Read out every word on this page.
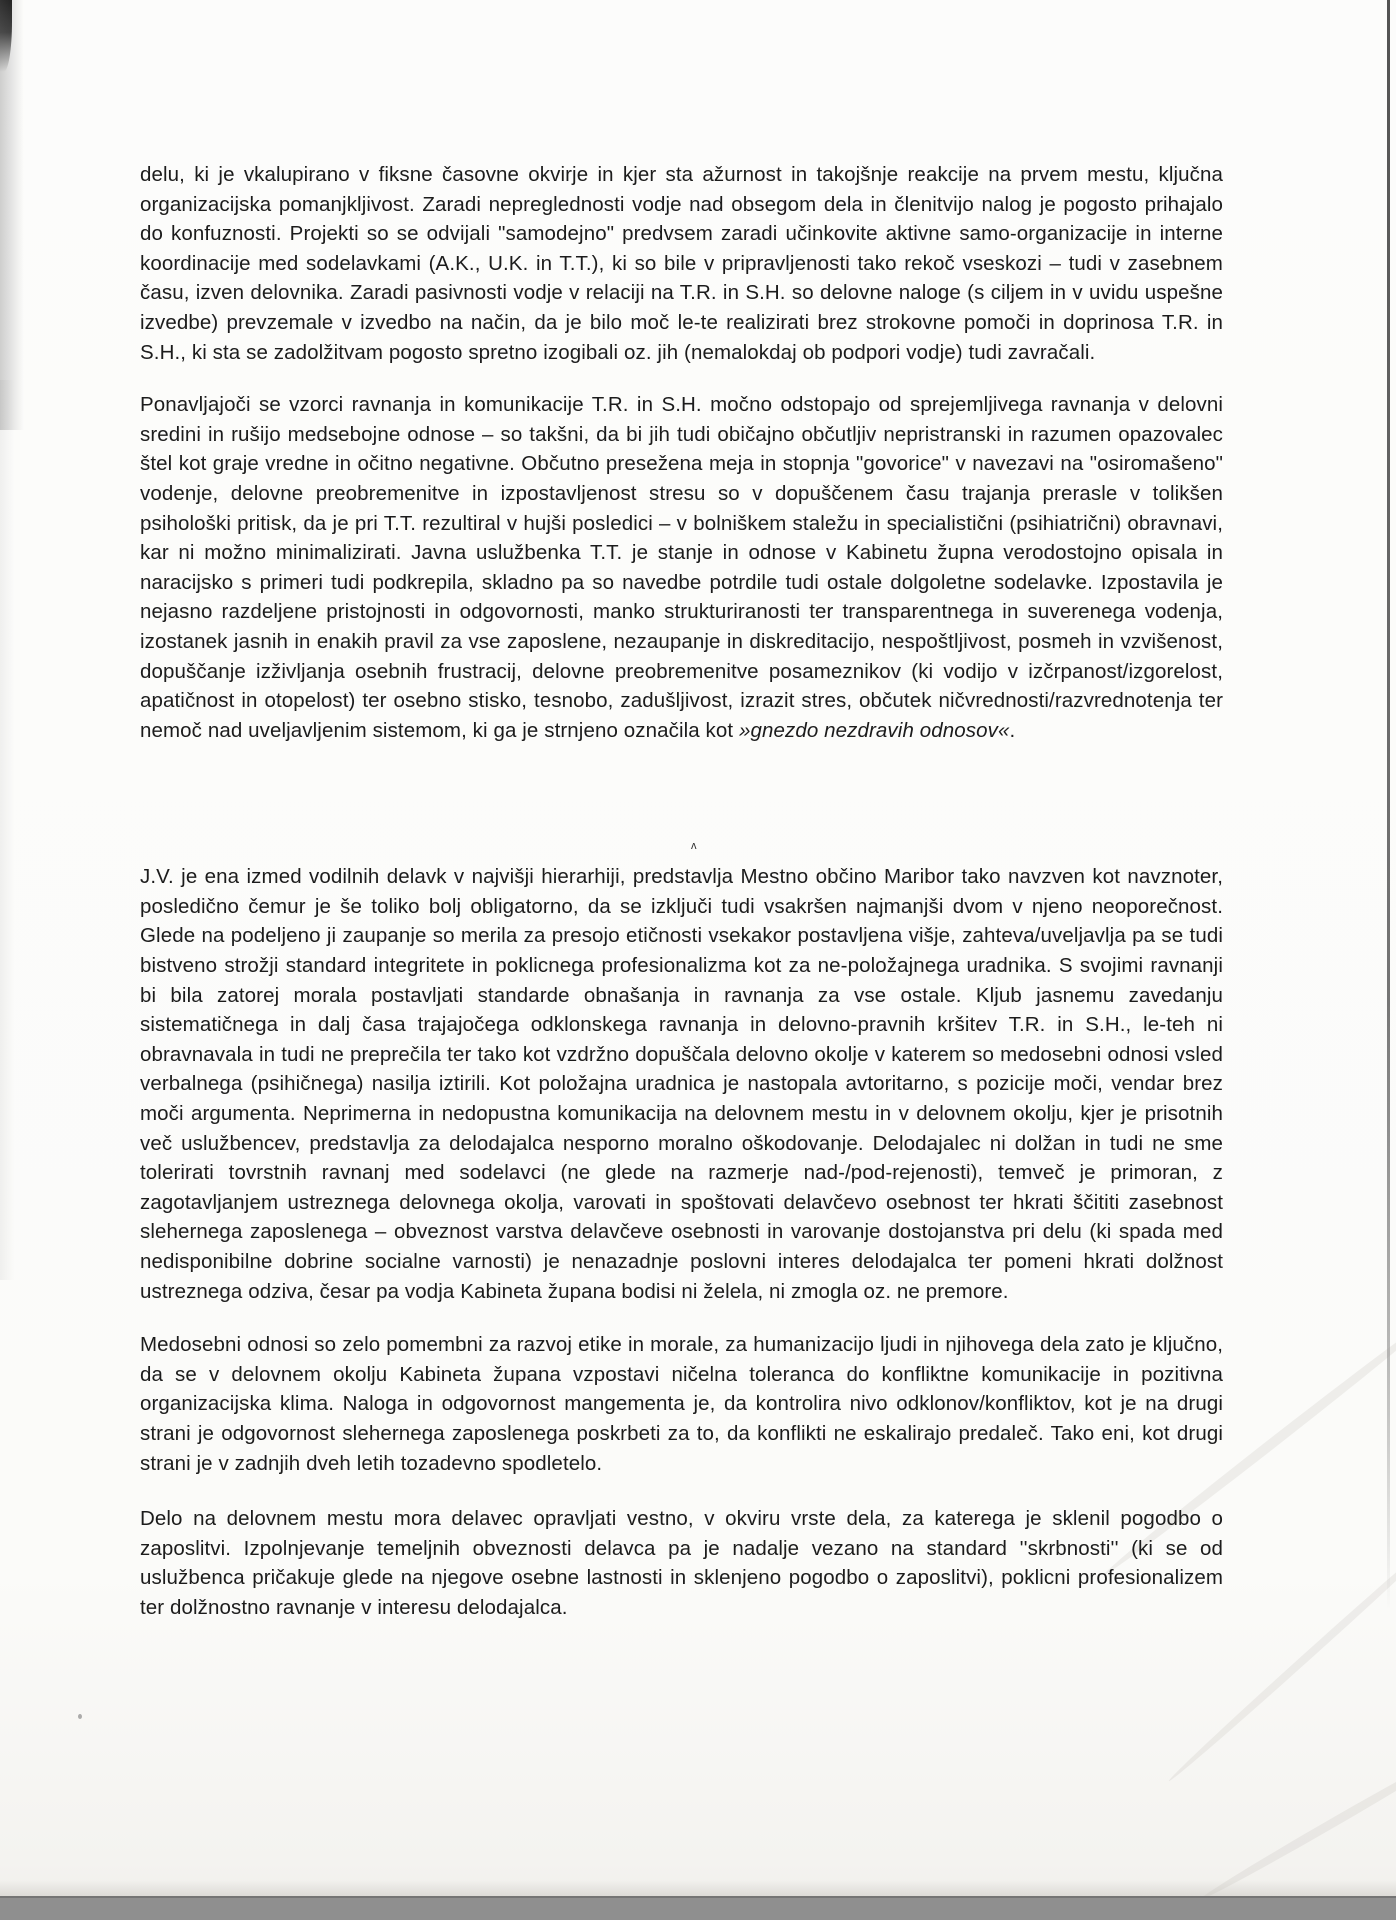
ʌ

delu, ki je vkalupirano v fiksne časovne okvirje in kjer sta ažurnost in takojšnje reakcije na prvem mestu, ključna organizacijska pomanjkljivost. Zaradi nepreglednosti vodje nad obsegom dela in členitvijo nalog je pogosto prihajalo do konfuznosti. Projekti so se odvijali "samodejno" predvsem zaradi učinkovite aktivne samo-organizacije in interne koordinacije med sodelavkami (A.K., U.K. in T.T.), ki so bile v pripravljenosti tako rekoč vseskozi – tudi v zasebnem času, izven delovnika. Zaradi pasivnosti vodje v relaciji na T.R. in S.H. so delovne naloge (s ciljem in v uvidu uspešne izvedbe) prevzemale v izvedbo na način, da je bilo moč le-te realizirati brez strokovne pomoči in doprinosa T.R. in S.H., ki sta se zadolžitvam pogosto spretno izogibali oz. jih (nemalokdaj ob podpori vodje) tudi zavračali.

Ponavljajoči se vzorci ravnanja in komunikacije T.R. in S.H. močno odstopajo od sprejemljivega ravnanja v delovni sredini in rušijo medsebojne odnose – so takšni, da bi jih tudi običajno občutljiv nepristranski in razumen opazovalec štel kot graje vredne in očitno negativne. Občutno presežena meja in stopnja "govorice" v navezavi na "osiromašeno" vodenje, delovne preobremenitve in izpostavljenost stresu so v dopuščenem času trajanja prerasle v tolikšen psihološki pritisk, da je pri T.T. rezultiral v hujši posledici – v bolniškem staležu in specialistični (psihiatrični) obravnavi, kar ni možno minimalizirati. Javna uslužbenka T.T. je stanje in odnose v Kabinetu župna verodostojno opisala in naracijsko s primeri tudi podkrepila, skladno pa so navedbe potrdile tudi ostale dolgoletne sodelavke. Izpostavila je nejasno razdeljene pristojnosti in odgovornosti, manko strukturiranosti ter transparentnega in suverenega vodenja, izostanek jasnih in enakih pravil za vse zaposlene, nezaupanje in diskreditacijo, nespoštljivost, posmeh in vzvišenost, dopuščanje izživljanja osebnih frustracij, delovne preobremenitve posameznikov (ki vodijo v izčrpanost/izgorelost, apatičnost in otopelost) ter osebno stisko, tesnobo, zadušljivost, izrazit stres, občutek ničvrednosti/razvrednotenja ter nemoč nad uveljavljenim sistemom, ki ga je strnjeno označila kot »gnezdo nezdravih odnosov«.

J.V. je ena izmed vodilnih delavk v najvišji hierarhiji, predstavlja Mestno občino Maribor tako navzven kot navznoter, posledično čemur je še toliko bolj obligatorno, da se izključi tudi vsakršen najmanjši dvom v njeno neoporečnost. Glede na podeljeno ji zaupanje so merila za presojo etičnosti vsekakor postavljena višje, zahteva/uveljavlja pa se tudi bistveno strožji standard integritete in poklicnega profesionalizma kot za ne-položajnega uradnika. S svojimi ravnanji bi bila zatorej morala postavljati standarde obnašanja in ravnanja za vse ostale. Kljub jasnemu zavedanju sistematičnega in dalj časa trajajočega odklonskega ravnanja in delovno-pravnih kršitev T.R. in S.H., le-teh ni obravnavala in tudi ne preprečila ter tako kot vzdržno dopuščala delovno okolje v katerem so medosebni odnosi vsled verbalnega (psihičnega) nasilja iztirili. Kot položajna uradnica je nastopala avtoritarno, s pozicije moči, vendar brez moči argumenta. Neprimerna in nedopustna komunikacija na delovnem mestu in v delovnem okolju, kjer je prisotnih več uslužbencev, predstavlja za delodajalca nesporno moralno oškodovanje. Delodajalec ni dolžan in tudi ne sme tolerirati tovrstnih ravnanj med sodelavci (ne glede na razmerje nad-/pod-rejenosti), temveč je primoran, z zagotavljanjem ustreznega delovnega okolja, varovati in spoštovati delavčevo osebnost ter hkrati ščititi zasebnost slehernega zaposlenega – obveznost varstva delavčeve osebnosti in varovanje dostojanstva pri delu (ki spada med nedisponibilne dobrine socialne varnosti) je nenazadnje poslovni interes delodajalca ter pomeni hkrati dolžnost ustreznega odziva, česar pa vodja Kabineta župana bodisi ni želela, ni zmogla oz. ne premore.

Medosebni odnosi so zelo pomembni za razvoj etike in morale, za humanizacijo ljudi in njihovega dela zato je ključno, da se v delovnem okolju Kabineta župana vzpostavi ničelna toleranca do konfliktne komunikacije in pozitivna organizacijska klima. Naloga in odgovornost mangementa je, da kontrolira nivo odklonov/konfliktov, kot je na drugi strani je odgovornost slehernega zaposlenega poskrbeti za to, da konflikti ne eskalirajo predaleč. Tako eni, kot drugi strani je v zadnjih dveh letih tozadevno spodletelo.

Delo na delovnem mestu mora delavec opravljati vestno, v okviru vrste dela, za katerega je sklenil pogodbo o zaposlitvi. Izpolnjevanje temeljnih obveznosti delavca pa je nadalje vezano na standard ''skrbnosti'' (ki se od uslužbenca pričakuje glede na njegove osebne lastnosti in sklenjeno pogodbo o zaposlitvi), poklicni profesionalizem ter dolžnostno ravnanje v interesu delodajalca.
